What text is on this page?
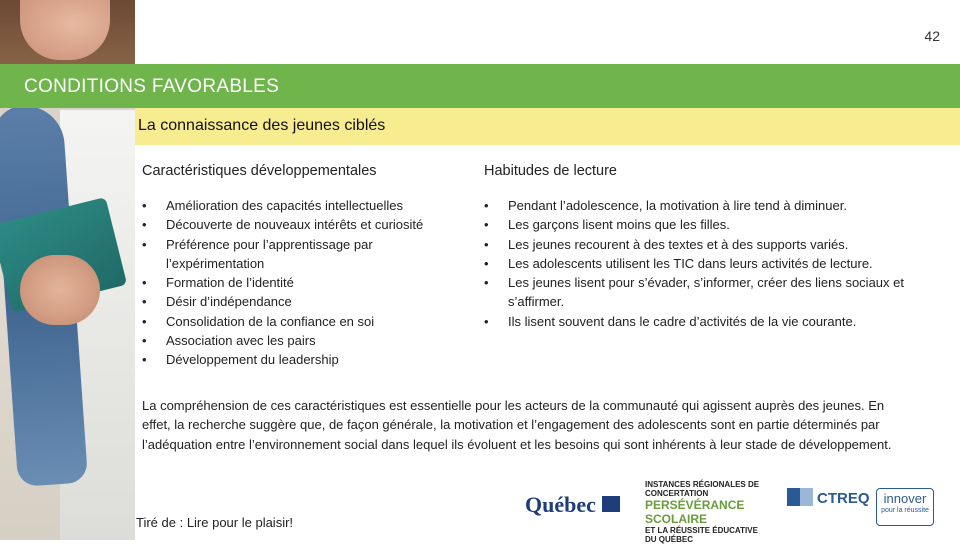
42
CONDITIONS FAVORABLES
La connaissance des jeunes ciblés
Caractéristiques développementales
• Amélioration des capacités intellectuelles
• Découverte de nouveaux intérêts et curiosité
• Préférence pour l’apprentissage par l’expérimentation
• Formation de l’identité
• Désir d’indépendance
• Consolidation de la confiance en soi
• Association avec les pairs
• Développement du leadership
Habitudes de lecture
• Pendant l’adolescence, la motivation à lire tend à diminuer.
• Les garçons lisent moins que les filles.
• Les jeunes recourent à des textes et à des supports variés.
• Les adolescents utilisent les TIC dans leurs activités de lecture.
• Les jeunes lisent pour s’évader, s’informer, créer des liens sociaux et s’affirmer.
• Ils lisent souvent dans le cadre d’activités de la vie courante.
La compréhension de ces caractéristiques est essentielle pour les acteurs de la communauté qui agissent auprès des jeunes. En effet, la recherche suggère que, de façon générale, la motivation et l’engagement des adolescents sont en partie déterminés par l’adéquation entre l’environnement social dans lequel ils évoluent et les besoins qui sont inhérents à leur stade de développement.
Tiré de : Lire pour le plaisir!
Québec
INSTANCES RÉGIONALES DE CONCERTATION
PERSÉVÉRANCE SCOLAIRE
ET LA RÉUSSITE ÉDUCATIVE DU QUÉBEC
CTREQ	innover
pour la réussite
